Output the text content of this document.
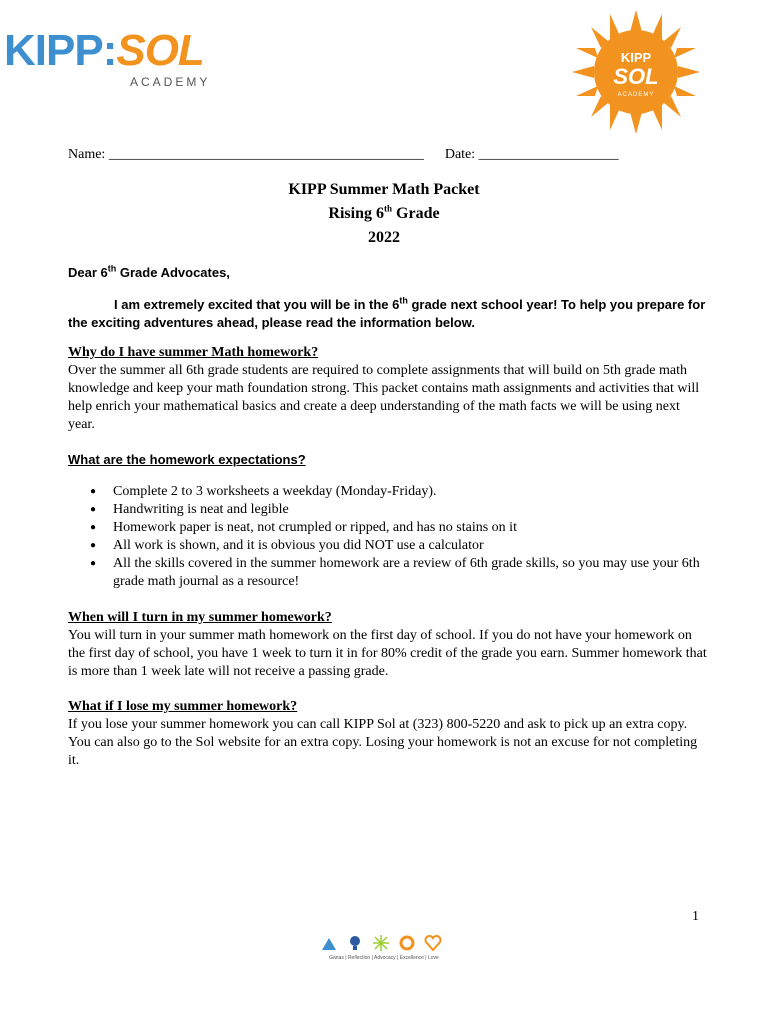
KIPP:SOL
ACADEMY
KIPP
SOL
ACADEMY
Name: _____________________________________________ Date: ____________________
KIPP Summer Math Packet
Rising 6th Grade
2022
Dear 6th Grade Advocates,
I am extremely excited that you will be in the 6th grade next school year! To help you prepare for the exciting adventures ahead, please read the information below.
Why do I have summer Math homework?
Over the summer all 6th grade students are required to complete assignments that will build on 5th grade math knowledge and keep your math foundation strong. This packet contains math assignments and activities that will help enrich your mathematical basics and create a deep understanding of the math facts we will be using next year.
What are the homework expectations?
● Complete 2 to 3 worksheets a weekday (Monday-Friday).
● Handwriting is neat and legible
● Homework paper is neat, not crumpled or ripped, and has no stains on it
● All work is shown, and it is obvious you did NOT use a calculator
● All the skills covered in the summer homework are a review of 6th grade skills, so you may use your 6th grade math journal as a resource!
When will I turn in my summer homework?
You will turn in your summer math homework on the first day of school. If you do not have your homework on the first day of school, you have 1 week to turn it in for 80% credit of the grade you earn. Summer homework that is more than 1 week late will not receive a passing grade.
What if I lose my summer homework?
If you lose your summer homework you can call KIPP Sol at (323) 800-5220 and ask to pick up an extra copy. You can also go to the Sol website for an extra copy. Losing your homework is not an excuse for not completing it.
1
Ganas | Reflection | Advocacy | Excellence | Love
